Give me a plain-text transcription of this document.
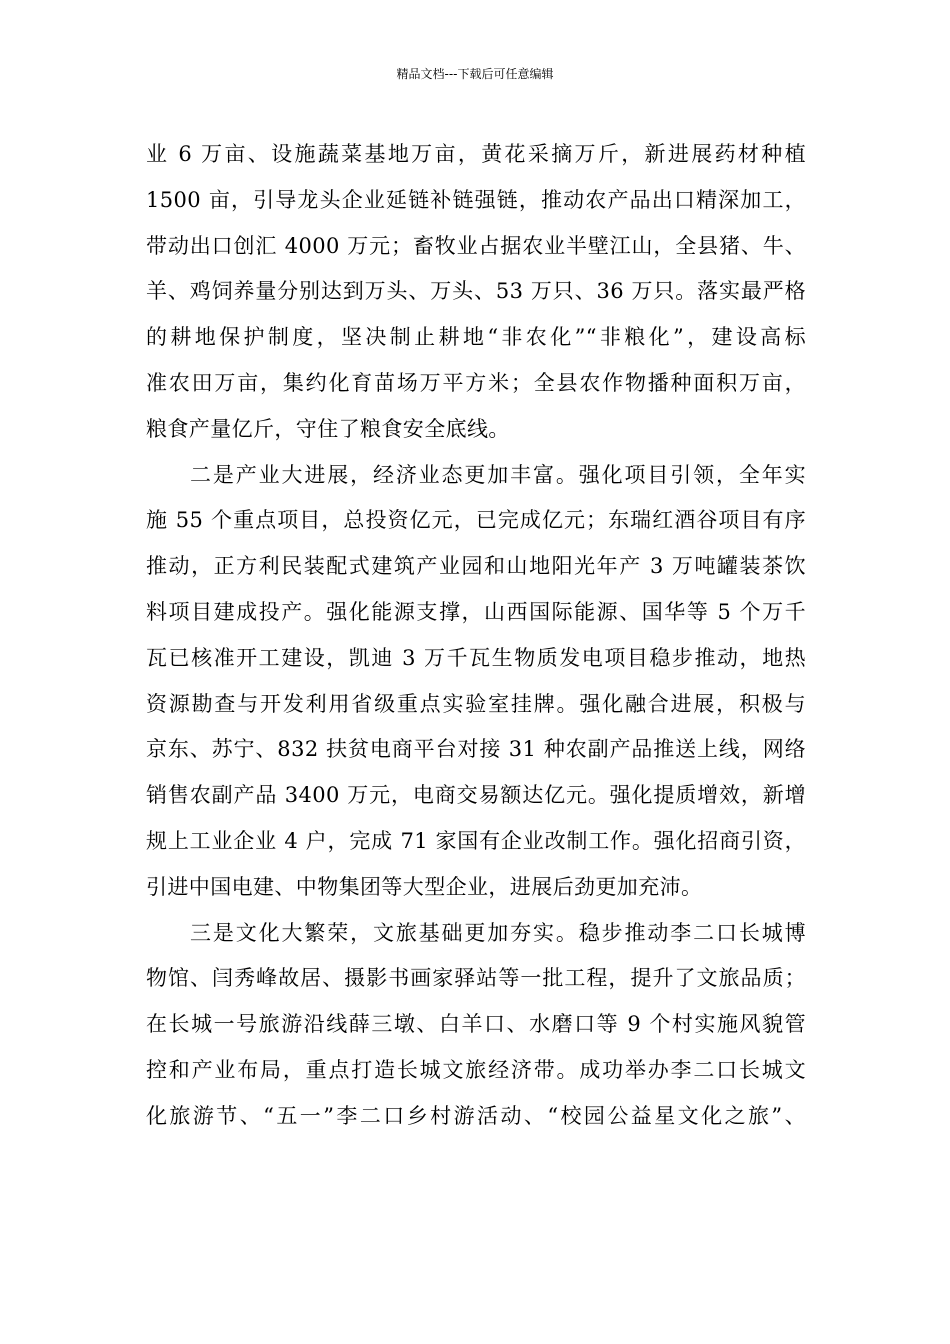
精品文档---下载后可任意编辑
业 6 万亩、设施蔬菜基地万亩，黄花采摘万斤，新进展药材种植
1500 亩，引导龙头企业延链补链强链，推动农产品出口精深加工，
带动出口创汇 4000 万元；畜牧业占据农业半壁江山，全县猪、牛、
羊、鸡饲养量分别达到万头、万头、53 万只、36 万只。落实最严格
的耕地保护制度，坚决制止耕地“非农化”“非粮化”，建设高标
准农田万亩，集约化育苗场万平方米；全县农作物播种面积万亩，
粮食产量亿斤，守住了粮食安全底线。
二是产业大进展，经济业态更加丰富。强化项目引领，全年实
施 55 个重点项目，总投资亿元，已完成亿元；东瑞红酒谷项目有序
推动，正方利民装配式建筑产业园和山地阳光年产 3 万吨罐装茶饮
料项目建成投产。强化能源支撑，山西国际能源、国华等 5 个万千
瓦已核准开工建设，凯迪 3 万千瓦生物质发电项目稳步推动，地热
资源勘查与开发利用省级重点实验室挂牌。强化融合进展，积极与
京东、苏宁、832 扶贫电商平台对接 31 种农副产品推送上线，网络
销售农副产品 3400 万元，电商交易额达亿元。强化提质增效，新增
规上工业企业 4 户，完成 71 家国有企业改制工作。强化招商引资，
引进中国电建、中物集团等大型企业，进展后劲更加充沛。
三是文化大繁荣，文旅基础更加夯实。稳步推动李二口长城博
物馆、闫秀峰故居、摄影书画家驿站等一批工程，提升了文旅品质；
在长城一号旅游沿线薛三墩、白羊口、水磨口等 9 个村实施风貌管
控和产业布局，重点打造长城文旅经济带。成功举办李二口长城文
化旅游节、“五一”李二口乡村游活动、“校园公益星文化之旅”、
